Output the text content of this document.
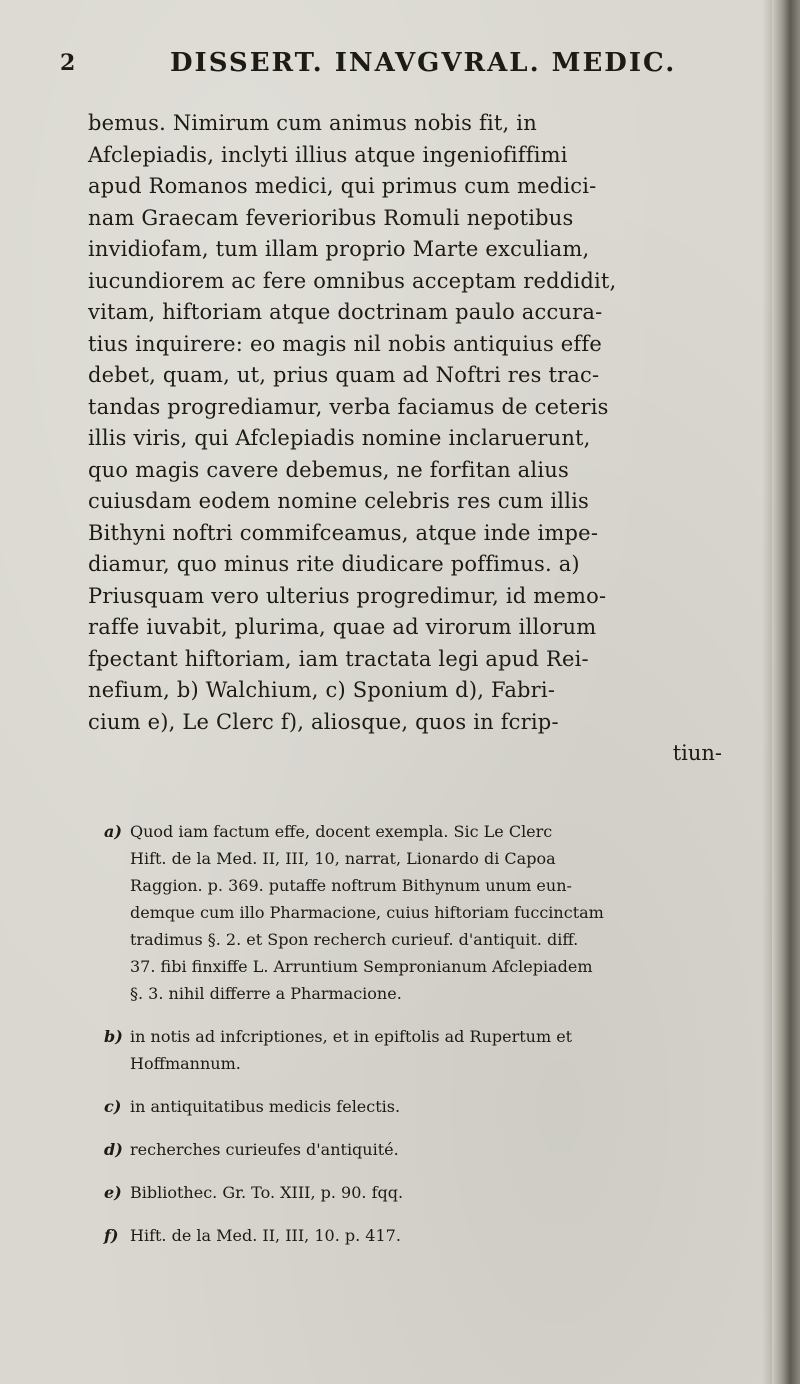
2	DISSERT. INAVGVRAL. MEDIC.
bemus. Nimirum cum animus nobis fit, in
Afclepiadis, inclyti illius atque ingeniofiffimi
apud Romanos medici, qui primus cum medici-
nam Graecam feverioribus Romuli nepotibus
invidiofam, tum illam proprio Marte exculiam,
iucundiorem ac fere omnibus acceptam reddidit,
vitam, hiftoriam atque doctrinam paulo accura-
tius inquirere: eo magis nil nobis antiquius effe
debet, quam, ut, prius quam ad Noftri res trac-
tandas progrediamur, verba faciamus de ceteris
illis viris, qui Afclepiadis nomine inclaruerunt,
quo magis cavere debemus, ne forfitan alius
cuiusdam eodem nomine celebris res cum illis
Bithyni noftri commifceamus, atque inde impe-
diamur, quo minus rite diudicare poffimus. a)
Priusquam vero ulterius progredimur, id memo-
raffe iuvabit, plurima, quae ad virorum illorum
fpectant hiftoriam, iam tractata legi apud Rei-
nefium, b) Walchium, c) Sponium d), Fabri-
cium e), Le Clerc f), aliosque, quos in fcrip-
tiun-
a) Quod iam factum effe, docent exempla. Sic Le Clerc
Hift. de la Med. II, III, 10, narrat, Lionardo di Capoa
Raggion. p. 369. putaffe noftrum Bithynum unum eun-
demque cum illo Pharmacione, cuius hiftoriam fuccinctam
tradimus §. 2. et Spon recherch curieuf. d'antiquit. diff.
37. fibi finxiffe L. Arruntium Sempronianum Afclepiadem
§. 3. nihil differre a Pharmacione.
b) in notis ad infcriptiones, et in epiftolis ad Rupertum et
Hoffmannum.
c) in antiquitatibus medicis felectis.
d) recherches curieufes d'antiquité.
e) Bibliothec. Gr. To. XIII, p. 90. fqq.
f) Hift. de la Med. II, III, 10. p. 417.
